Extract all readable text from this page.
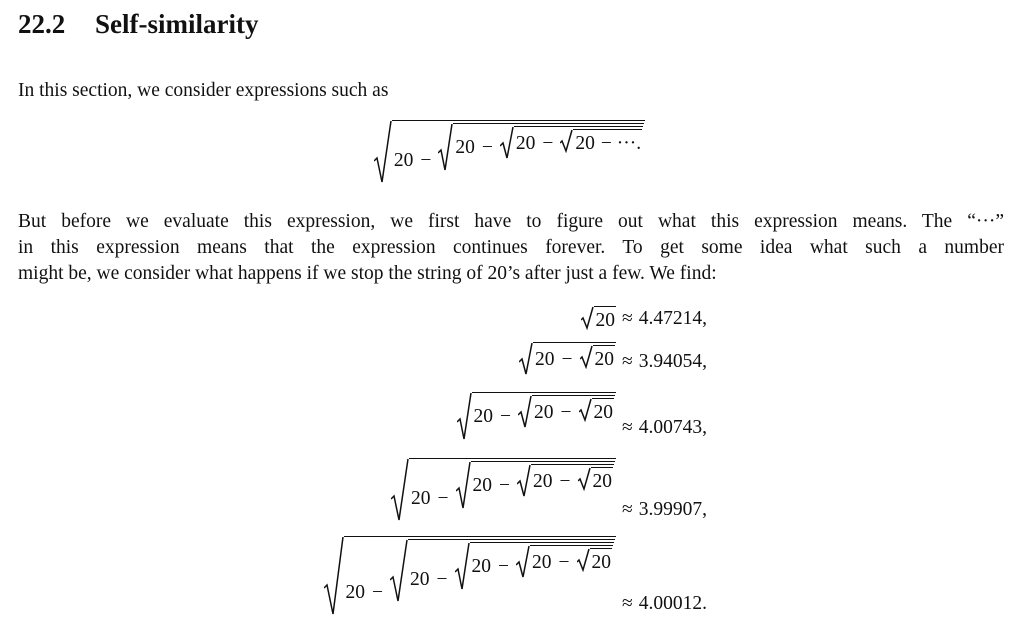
22.2 Self-similarity

In this section, we consider expressions such as

20 −
20 − 20 − 20 − ···.
But before we evaluate this expression, we first have to figure out what this expression means. The “···”
in this expression means that the expression continues forever. To get some idea what such a number
might be, we consider what happens if we stop the string of 20’s after just a few. We find:
20 ≈ 4.47214,
20 − 20 ≈ 3.94054,
20 − 20 − 20
≈ 4.00743,
20 −
20 − 20 − 20
≈ 3.99907,
20 −
20 −
20 − 20 − 20
≈ 4.00012.
